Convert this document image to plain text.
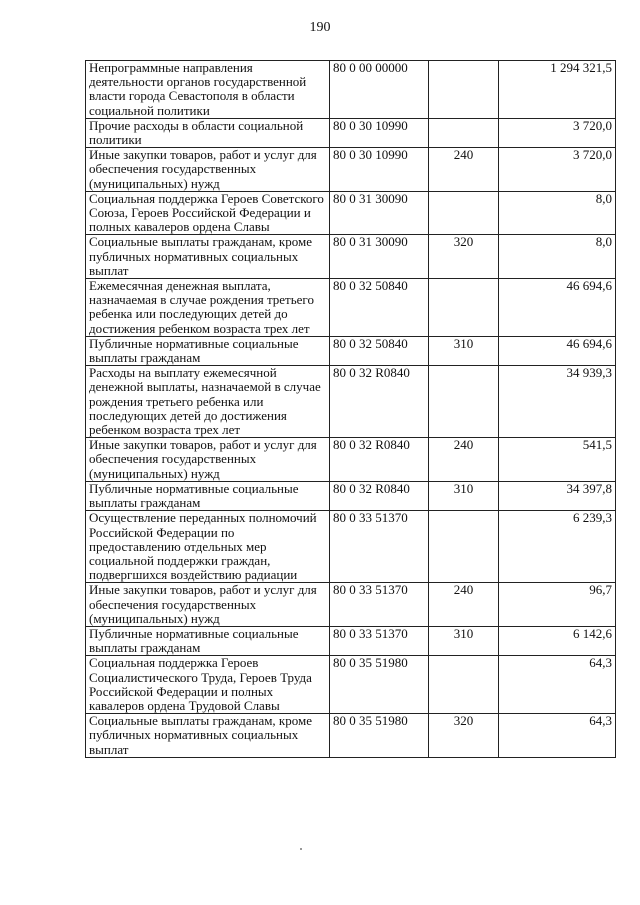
190
Непрограммные направления деятельности органов государственной власти города Севастополя в области социальной политики	80 0 00 00000		1 294 321,5
Прочие расходы в области социальной политики	80 0 30 10990		3 720,0
Иные закупки товаров, работ и услуг для обеспечения государственных (муниципальных) нужд	80 0 30 10990	240	3 720,0
Социальная поддержка Героев Советского Союза, Героев Российской Федерации и полных кавалеров ордена Славы	80 0 31 30090		8,0
Социальные выплаты гражданам, кроме публичных нормативных социальных выплат	80 0 31 30090	320	8,0
Ежемесячная денежная выплата, назначаемая в случае рождения третьего ребенка или последующих детей до достижения ребенком возраста трех лет	80 0 32 50840		46 694,6
Публичные нормативные социальные выплаты гражданам	80 0 32 50840	310	46 694,6
Расходы на выплату ежемесячной денежной выплаты, назначаемой в случае рождения третьего ребенка или последующих детей до достижения ребенком возраста трех лет	80 0 32 R0840		34 939,3
Иные закупки товаров, работ и услуг для обеспечения государственных (муниципальных) нужд	80 0 32 R0840	240	541,5
Публичные нормативные социальные выплаты гражданам	80 0 32 R0840	310	34 397,8
Осуществление переданных полномочий Российской Федерации по предоставлению отдельных мер социальной поддержки граждан, подвергшихся воздействию радиации	80 0 33 51370		6 239,3
Иные закупки товаров, работ и услуг для обеспечения государственных (муниципальных) нужд	80 0 33 51370	240	96,7
Публичные нормативные социальные выплаты гражданам	80 0 33 51370	310	6 142,6
Социальная поддержка Героев Социалистического Труда, Героев Труда Российской Федерации и полных кавалеров ордена Трудовой Славы	80 0 35 51980		64,3
Социальные выплаты гражданам, кроме публичных нормативных социальных выплат	80 0 35 51980	320	64,3
